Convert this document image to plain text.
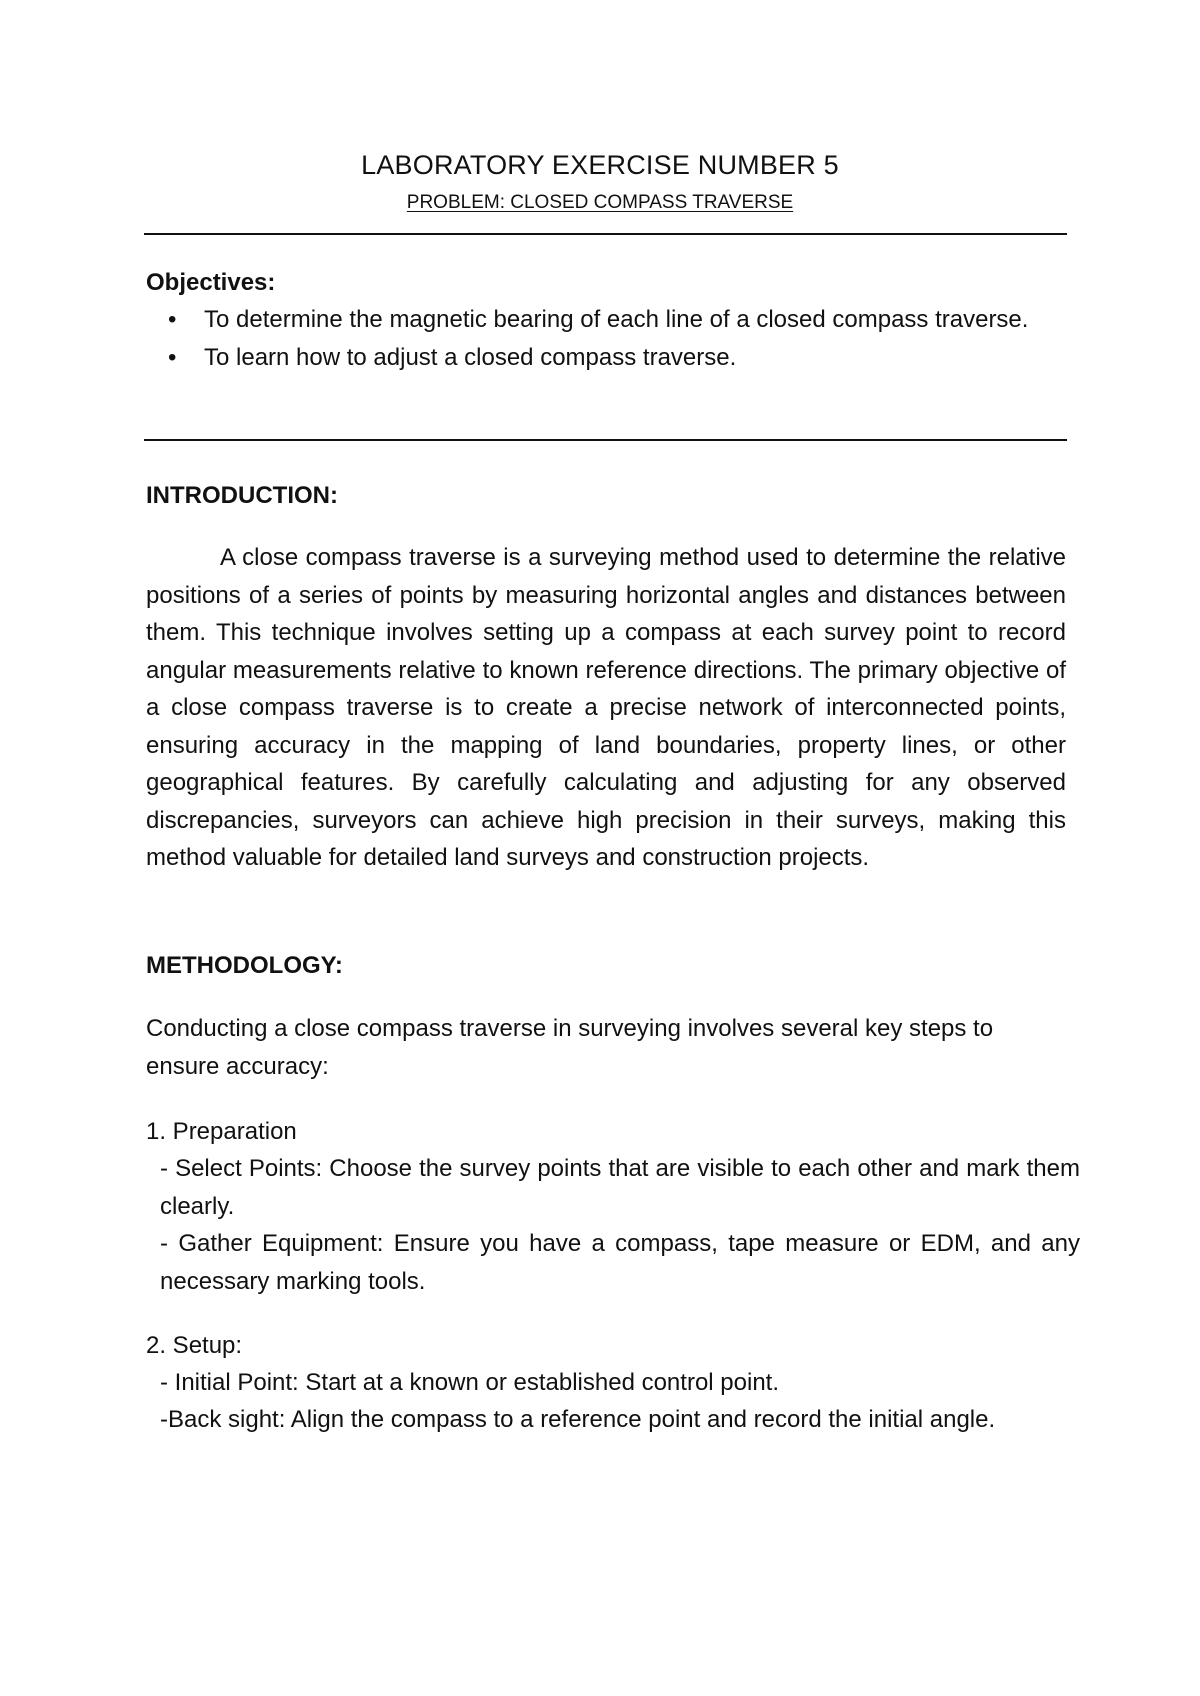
LABORATORY EXERCISE NUMBER 5
PROBLEM: CLOSED COMPASS TRAVERSE
Objectives:
• To determine the magnetic bearing of each line of a closed compass traverse.
• To learn how to adjust a closed compass traverse.
INTRODUCTION:
A close compass traverse is a surveying method used to determine the relative positions of a series of points by measuring horizontal angles and distances between them. This technique involves setting up a compass at each survey point to record angular measurements relative to known reference directions. The primary objective of a close compass traverse is to create a precise network of interconnected points, ensuring accuracy in the mapping of land boundaries, property lines, or other geographical features. By carefully calculating and adjusting for any observed discrepancies, surveyors can achieve high precision in their surveys, making this method valuable for detailed land surveys and construction projects.
METHODOLOGY:
Conducting a close compass traverse in surveying involves several key steps to ensure accuracy:
1. Preparation
- Select Points: Choose the survey points that are visible to each other and mark them clearly.
- Gather Equipment: Ensure you have a compass, tape measure or EDM, and any necessary marking tools.
2. Setup:
- Initial Point: Start at a known or established control point.
-Back sight: Align the compass to a reference point and record the initial angle.
